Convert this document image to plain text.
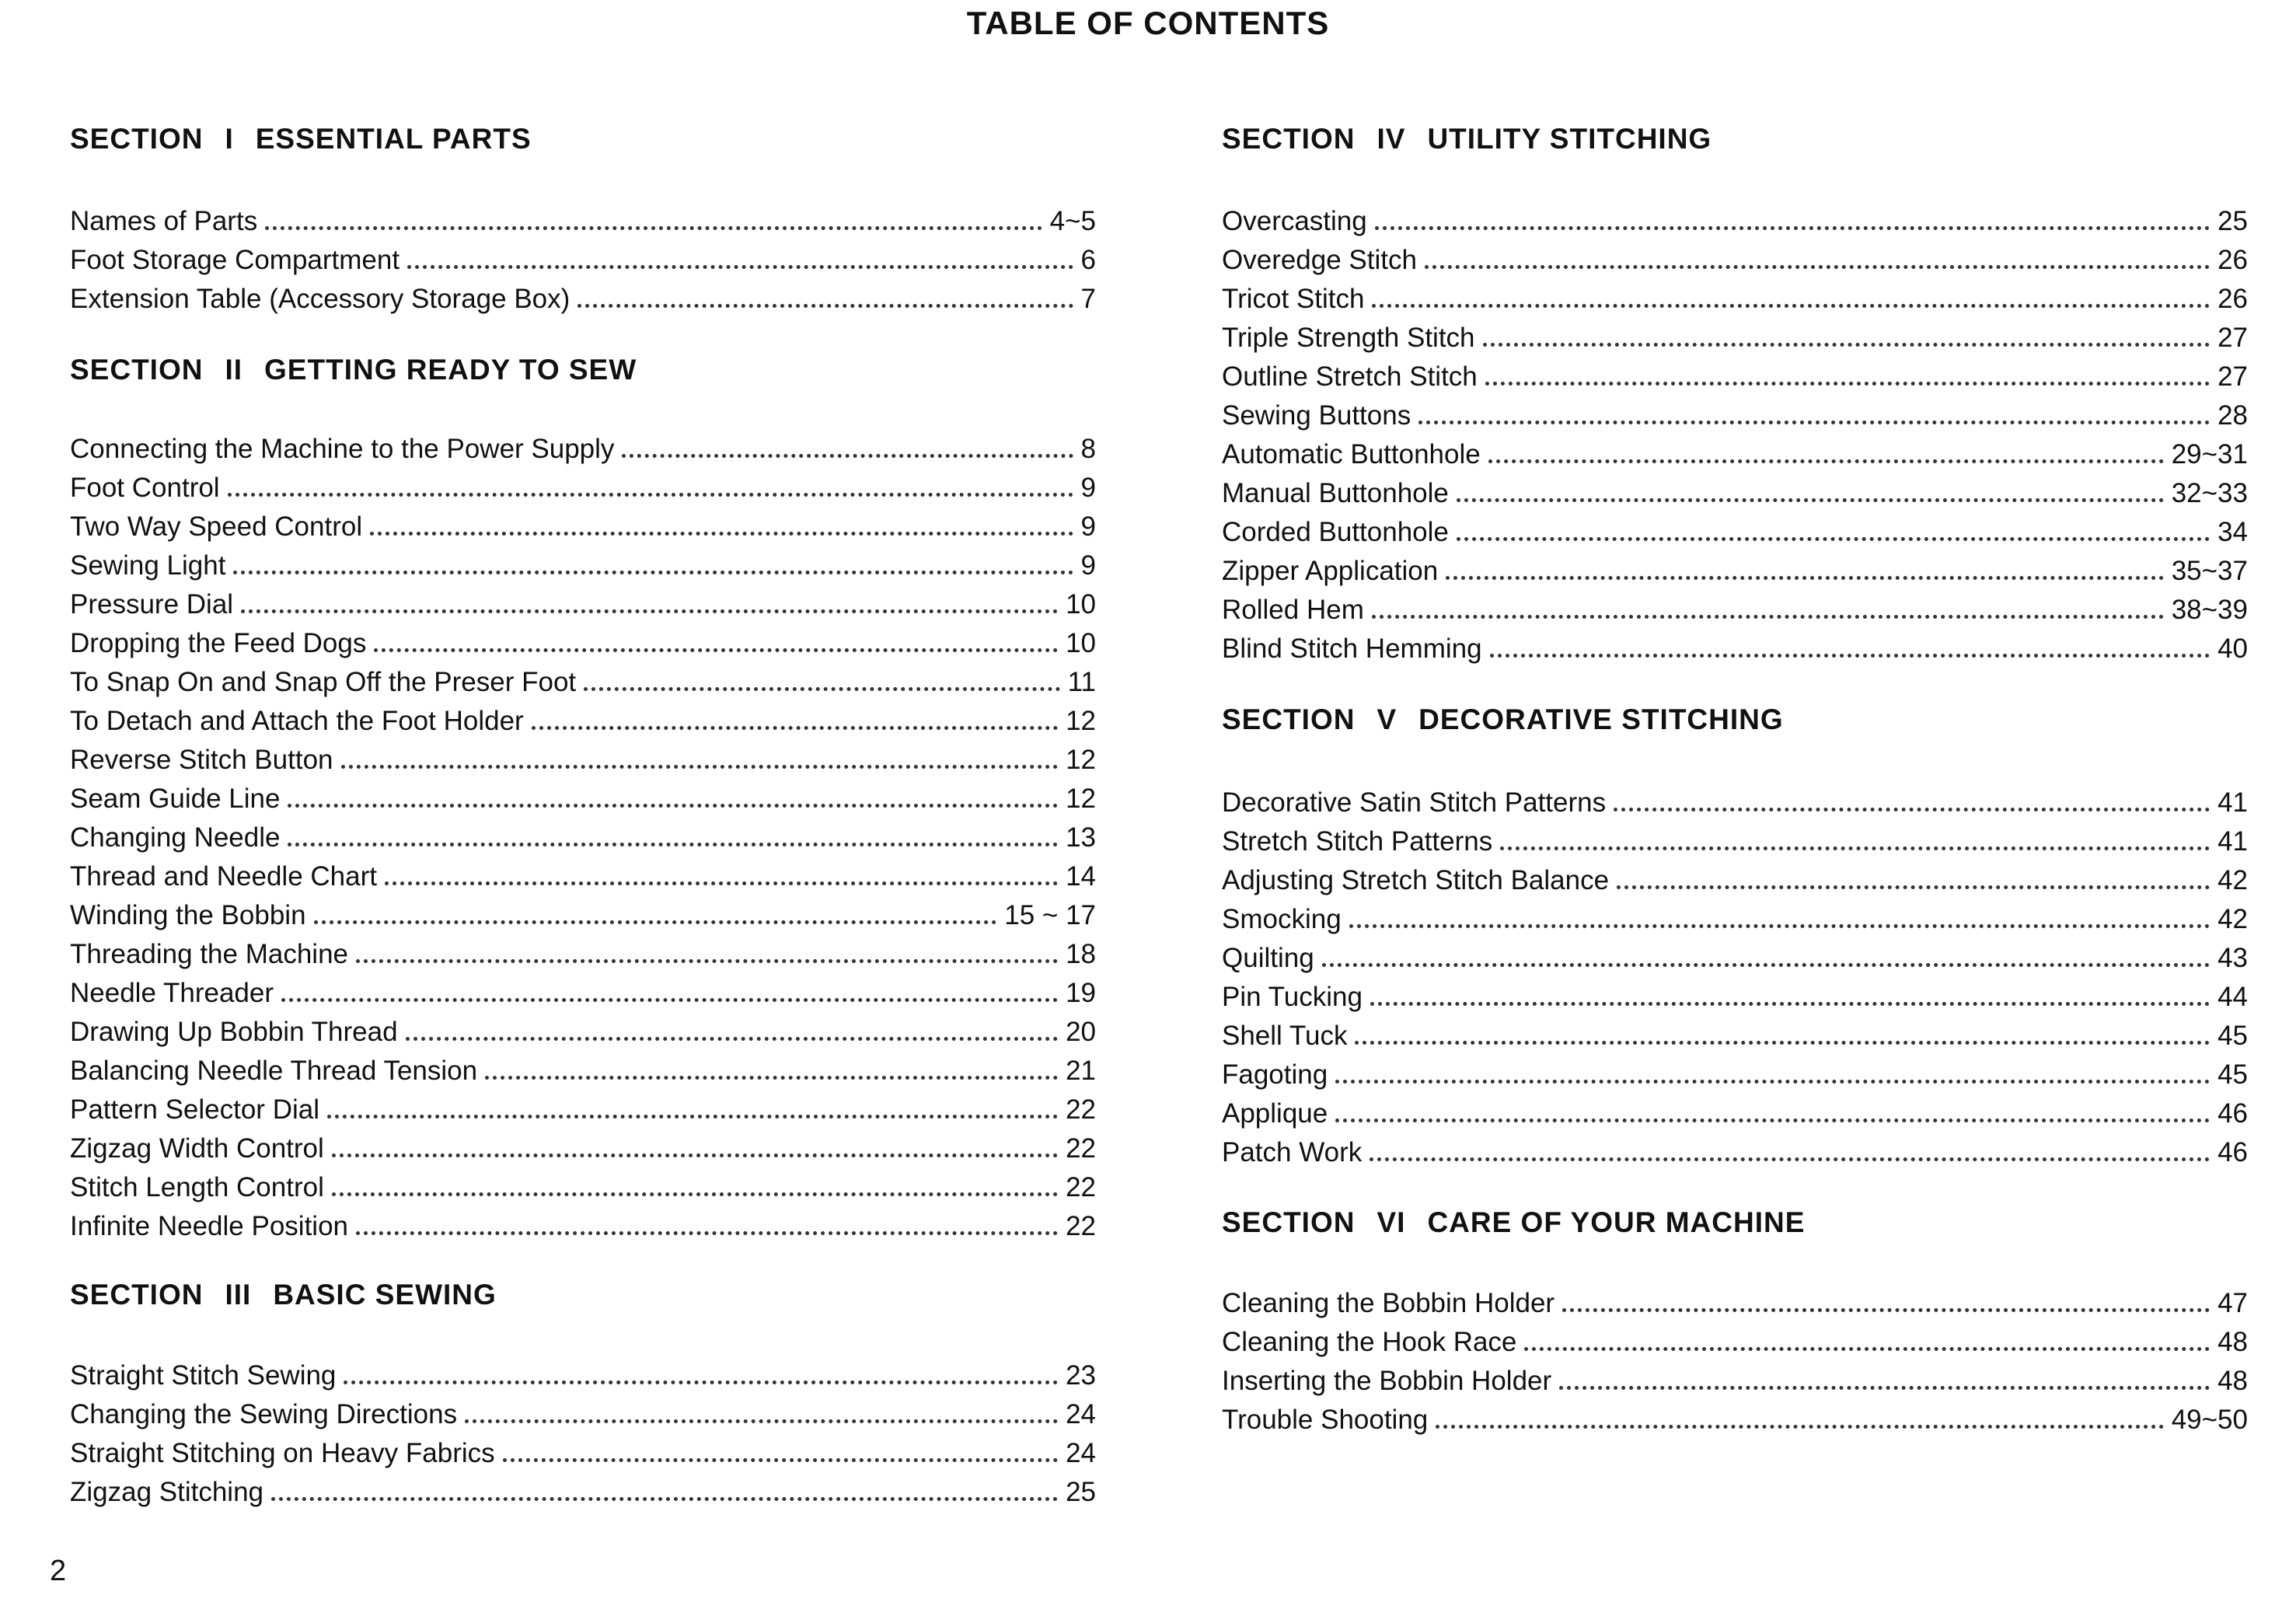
TABLE OF CONTENTS
SECTION I ESSENTIAL PARTS
Names of Parts	4~5
Foot Storage Compartment	6
Extension Table (Accessory Storage Box)	7
SECTION II GETTING READY TO SEW
Connecting the Machine to the Power Supply	8
Foot Control	9
Two Way Speed Control	9
Sewing Light	9
Pressure Dial	10
Dropping the Feed Dogs	10
To Snap On and Snap Off the Preser Foot	11
To Detach and Attach the Foot Holder	12
Reverse Stitch Button	12
Seam Guide Line	12
Changing Needle	13
Thread and Needle Chart	14
Winding the Bobbin	15 ~ 17
Threading the Machine	18
Needle Threader	19
Drawing Up Bobbin Thread	20
Balancing Needle Thread Tension	21
Pattern Selector Dial	22
Zigzag Width Control	22
Stitch Length Control	22
Infinite Needle Position	22
SECTION III BASIC SEWING
Straight Stitch Sewing	23
Changing the Sewing Directions	24
Straight Stitching on Heavy Fabrics	24
Zigzag Stitching	25
SECTION IV UTILITY STITCHING
Overcasting	25
Overedge Stitch	26
Tricot Stitch	26
Triple Strength Stitch	27
Outline Stretch Stitch	27
Sewing Buttons	28
Automatic Buttonhole	29~31
Manual Buttonhole	32~33
Corded Buttonhole	34
Zipper Application	35~37
Rolled Hem	38~39
Blind Stitch Hemming	40
SECTION V DECORATIVE STITCHING
Decorative Satin Stitch Patterns	41
Stretch Stitch Patterns	41
Adjusting Stretch Stitch Balance	42
Smocking	42
Quilting	43
Pin Tucking	44
Shell Tuck	45
Fagoting	45
Applique	46
Patch Work	46
SECTION VI CARE OF YOUR MACHINE
Cleaning the Bobbin Holder	47
Cleaning the Hook Race	48
Inserting the Bobbin Holder	48
Trouble Shooting	49~50
2
